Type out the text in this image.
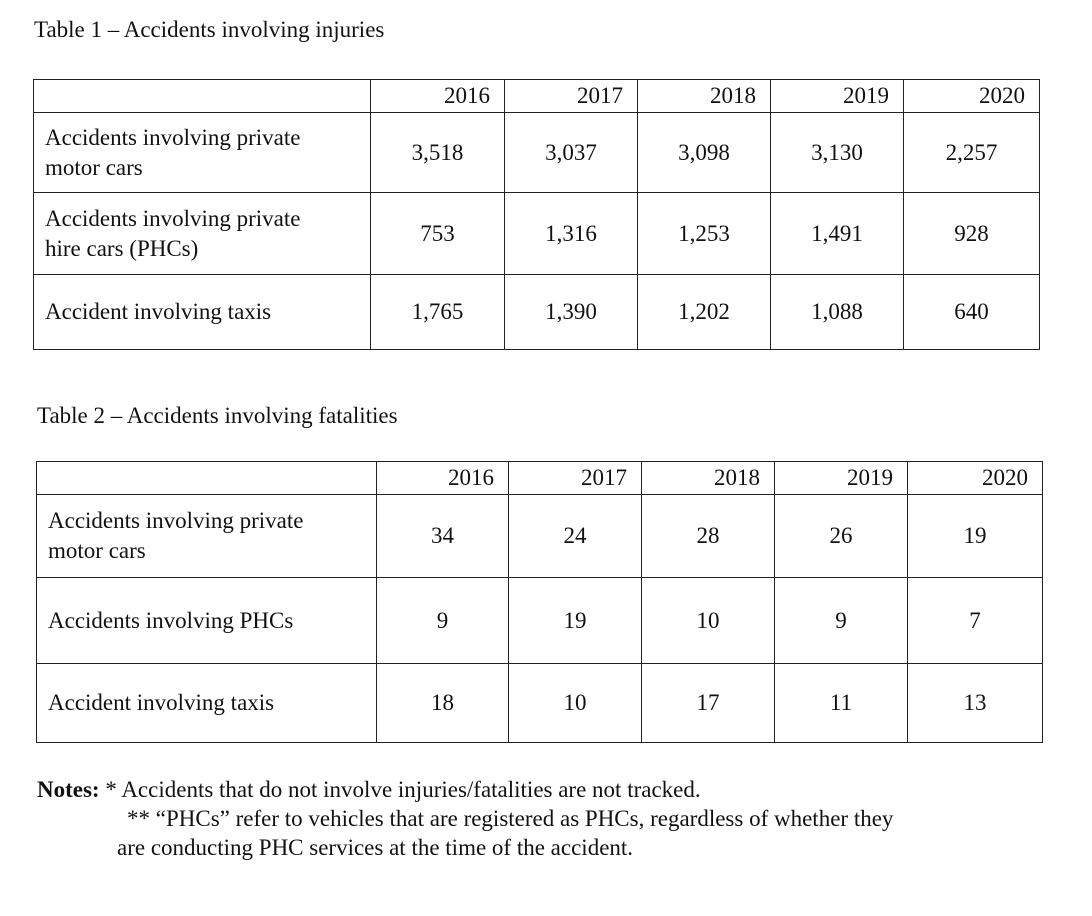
Table 1 – Accidents involving injuries
	2016	2017	2018	2019	2020
Accidents involving private
motor cars	3,518	3,037	3,098	3,130	2,257
Accidents involving private
hire cars (PHCs)	753	1,316	1,253	1,491	928
Accident involving taxis	1,765	1,390	1,202	1,088	640
Table 2 – Accidents involving fatalities
	2016	2017	2018	2019	2020
Accidents involving private
motor cars	34	24	28	26	19
Accidents involving PHCs	9	19	10	9	7
Accident involving taxis	18	10	17	11	13
Notes: * Accidents that do not involve injuries/fatalities are not tracked.
** “PHCs” refer to vehicles that are registered as PHCs, regardless of whether they
are conducting PHC services at the time of the accident.
